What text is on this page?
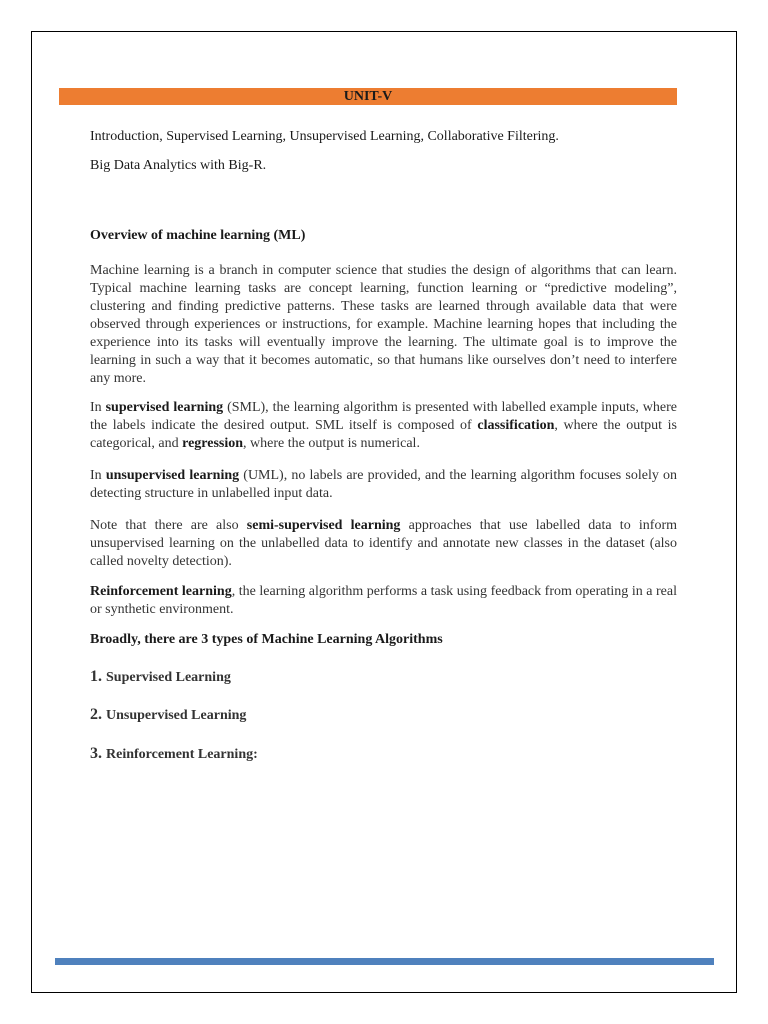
UNIT-V
Introduction, Supervised Learning, Unsupervised Learning, Collaborative Filtering.
Big Data Analytics with Big-R.
Overview of machine learning (ML)
Machine learning is a branch in computer science that studies the design of algorithms that can learn. Typical machine learning tasks are concept learning, function learning or “predictive modeling”, clustering and finding predictive patterns. These tasks are learned through available data that were observed through experiences or instructions, for example. Machine learning hopes that including the experience into its tasks will eventually improve the learning. The ultimate goal is to improve the learning in such a way that it becomes automatic, so that humans like ourselves don’t need to interfere any more.
In supervised learning (SML), the learning algorithm is presented with labelled example inputs, where the labels indicate the desired output. SML itself is composed of classification, where the output is categorical, and regression, where the output is numerical.
In unsupervised learning (UML), no labels are provided, and the learning algorithm focuses solely on detecting structure in unlabelled input data.
Note that there are also semi-supervised learning approaches that use labelled data to inform unsupervised learning on the unlabelled data to identify and annotate new classes in the dataset (also called novelty detection).
Reinforcement learning, the learning algorithm performs a task using feedback from operating in a real or synthetic environment.
Broadly, there are 3 types of Machine Learning Algorithms
1. Supervised Learning
2. Unsupervised Learning
3. Reinforcement Learning:
